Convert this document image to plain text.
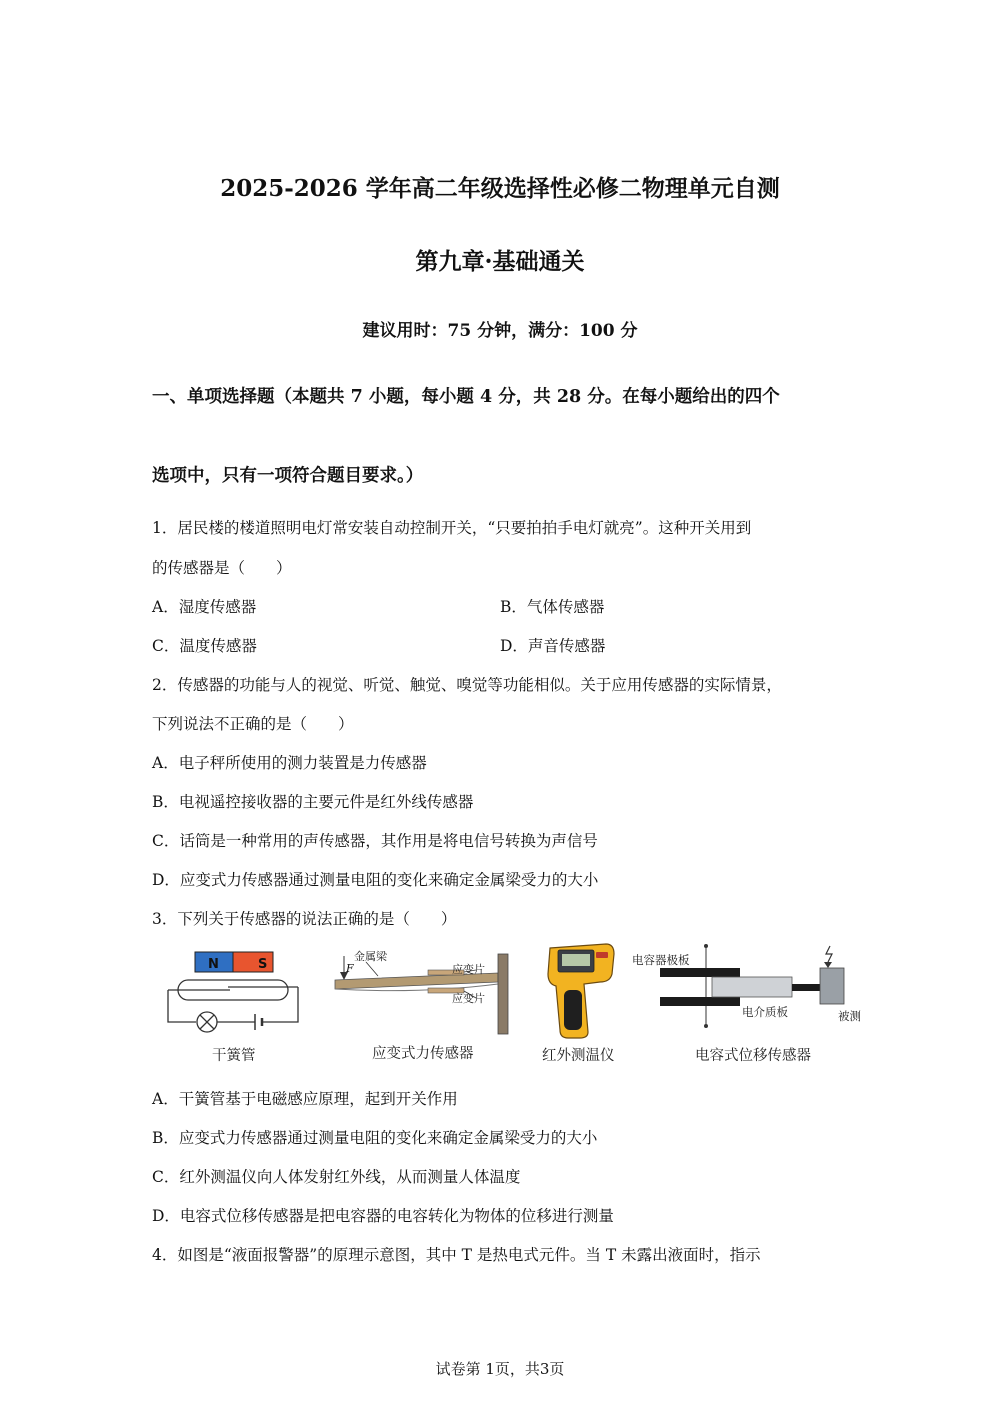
2025-2026 学年高二年级选择性必修二物理单元自测
第九章·基础通关
建议用时：75 分钟，满分：100 分
一、单项选择题（本题共 7 小题，每小题 4 分，共 28 分。在每小题给出的四个
选项中，只有一项符合题目要求。）
1．居民楼的楼道照明电灯常安装自动控制开关，“只要拍拍手电灯就亮”。这种开关用到
的传感器是（　　）
A．湿度传感器	B．气体传感器
C．温度传感器	D．声音传感器
2．传感器的功能与人的视觉、听觉、触觉、嗅觉等功能相似。关于应用传感器的实际情景，
下列说法不正确的是（　　）
A．电子秤所使用的测力装置是力传感器
B．电视遥控接收器的主要元件是红外线传感器
C．话筒是一种常用的声传感器，其作用是将电信号转换为声信号
D．应变式力传感器通过测量电阻的变化来确定金属梁受力的大小
3．下列关于传感器的说法正确的是（　　）
N	S
干簧管
金属梁
F	应变片
应变片
应变式力传感器	红外测温仪
电容器极板
电介质板	被测
电容式位移传感器
A．干簧管基于电磁感应原理，起到开关作用
B．应变式力传感器通过测量电阻的变化来确定金属梁受力的大小
C．红外测温仪向人体发射红外线，从而测量人体温度
D．电容式位移传感器是把电容器的电容转化为物体的位移进行测量
4．如图是“液面报警器”的原理示意图，其中 T 是热电式元件。当 T 未露出液面时，指示
试卷第 1页，共3页
